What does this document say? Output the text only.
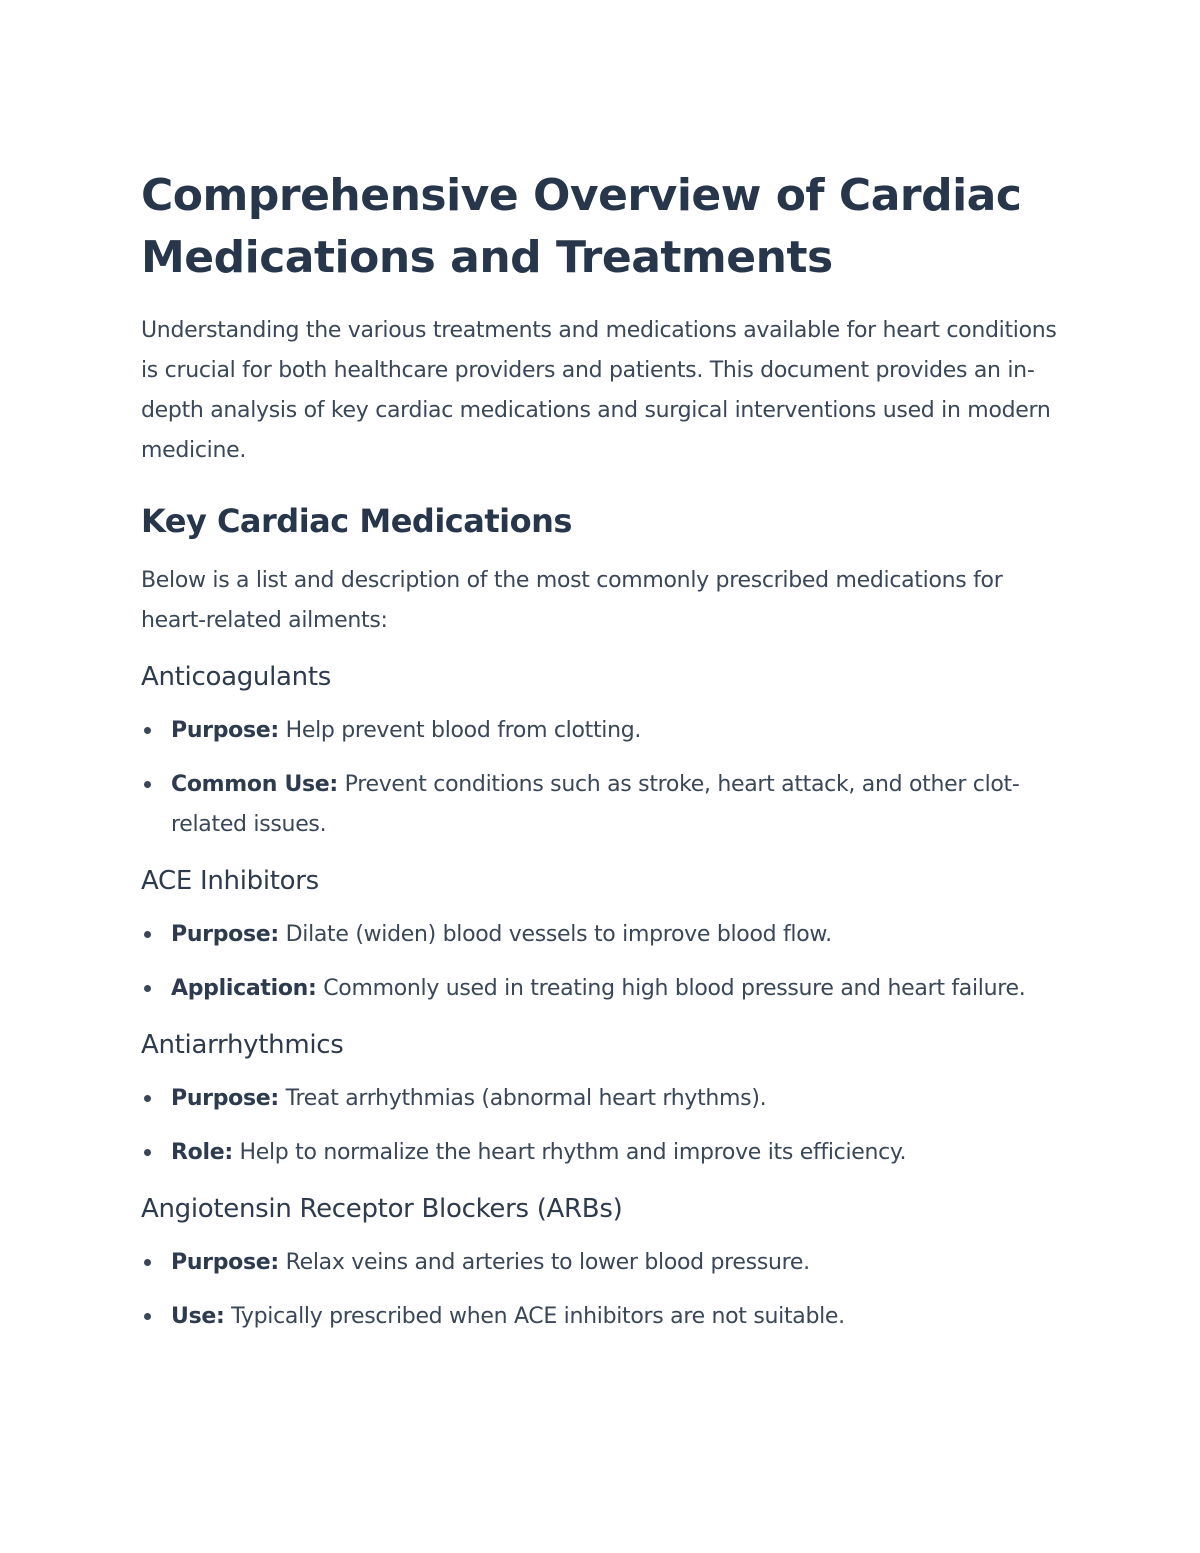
Comprehensive Overview of Cardiac Medications and Treatments

Understanding the various treatments and medications available for heart conditions is crucial for both healthcare providers and patients. This document provides an in-depth analysis of key cardiac medications and surgical interventions used in modern medicine.

Key Cardiac Medications

Below is a list and description of the most commonly prescribed medications for heart-related ailments:

Anticoagulants
Purpose: Help prevent blood from clotting.
Common Use: Prevent conditions such as stroke, heart attack, and other clot-related issues.
ACE Inhibitors
Purpose: Dilate (widen) blood vessels to improve blood flow.
Application: Commonly used in treating high blood pressure and heart failure.
Antiarrhythmics
Purpose: Treat arrhythmias (abnormal heart rhythms).
Role: Help to normalize the heart rhythm and improve its efficiency.
Angiotensin Receptor Blockers (ARBs)
Purpose: Relax veins and arteries to lower blood pressure.
Use: Typically prescribed when ACE inhibitors are not suitable.
